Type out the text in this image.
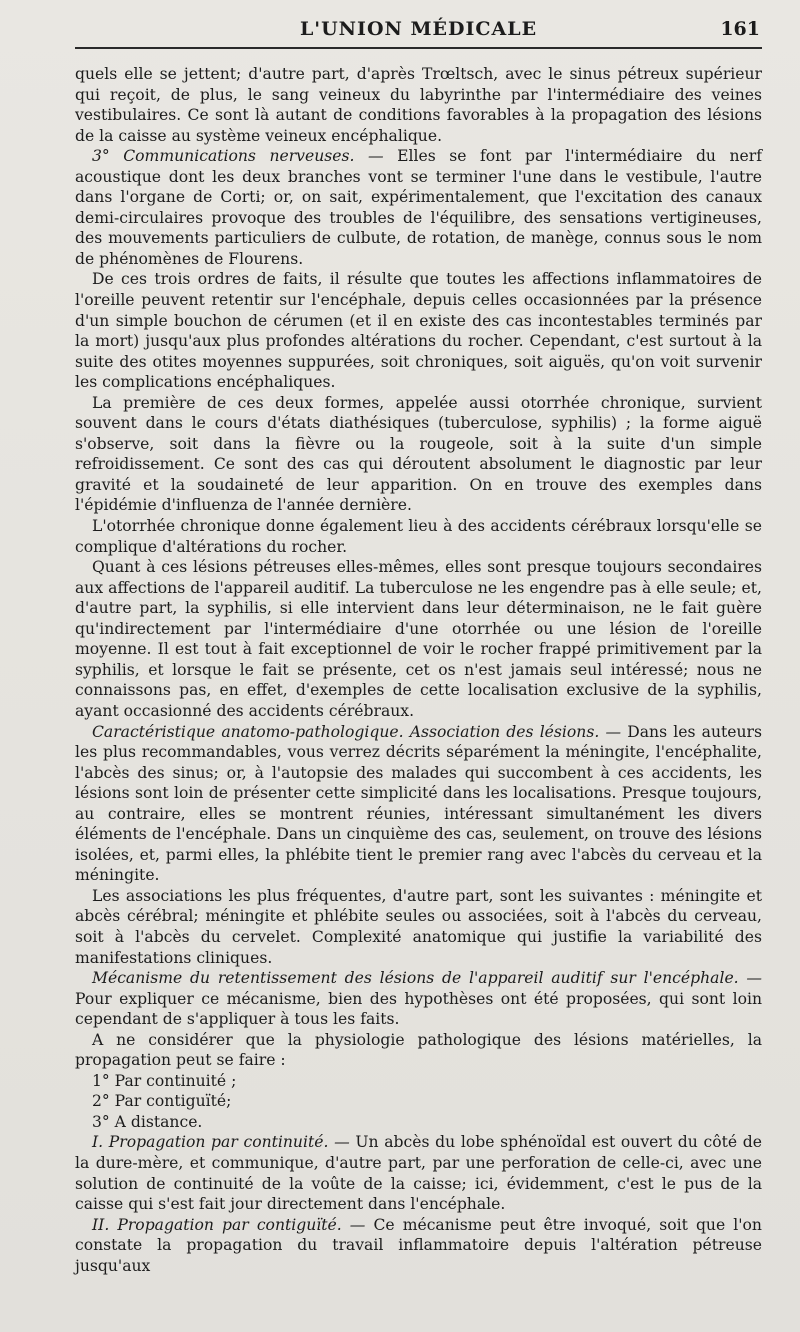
L'UNION MÉDICALE	161

quels elle se jettent; d'autre part, d'après Trœltsch, avec le sinus pétreux supérieur qui reçoit, de plus, le sang veineux du labyrinthe par l'intermédiaire des veines vestibulaires. Ce sont là autant de conditions favorables à la propagation des lésions de la caisse au système veineux encéphalique.

3° Communications nerveuses. — Elles se font par l'intermédiaire du nerf acoustique dont les deux branches vont se terminer l'une dans le vestibule, l'autre dans l'organe de Corti; or, on sait, expérimentalement, que l'excitation des canaux demi-circulaires provoque des troubles de l'équilibre, des sensations vertigineuses, des mouvements particuliers de culbute, de rotation, de manège, connus sous le nom de phénomènes de Flourens.

De ces trois ordres de faits, il résulte que toutes les affections inflammatoires de l'oreille peuvent retentir sur l'encéphale, depuis celles occasionnées par la présence d'un simple bouchon de cérumen (et il en existe des cas incontestables terminés par la mort) jusqu'aux plus profondes altérations du rocher. Cependant, c'est surtout à la suite des otites moyennes suppurées, soit chroniques, soit aiguës, qu'on voit survenir les complications encéphaliques.

La première de ces deux formes, appelée aussi otorrhée chronique, survient souvent dans le cours d'états diathésiques (tuberculose, syphilis) ; la forme aiguë s'observe, soit dans la fièvre ou la rougeole, soit à la suite d'un simple refroidissement. Ce sont des cas qui déroutent absolument le diagnostic par leur gravité et la soudaineté de leur apparition. On en trouve des exemples dans l'épidémie d'influenza de l'année dernière.

L'otorrhée chronique donne également lieu à des accidents cérébraux lorsqu'elle se complique d'altérations du rocher.

Quant à ces lésions pétreuses elles-mêmes, elles sont presque toujours secondaires aux affections de l'appareil auditif. La tuberculose ne les engendre pas à elle seule; et, d'autre part, la syphilis, si elle intervient dans leur déterminaison, ne le fait guère qu'indirectement par l'intermédiaire d'une otorrhée ou une lésion de l'oreille moyenne. Il est tout à fait exceptionnel de voir le rocher frappé primitivement par la syphilis, et lorsque le fait se présente, cet os n'est jamais seul intéressé; nous ne connaissons pas, en effet, d'exemples de cette localisation exclusive de la syphilis, ayant occasionné des accidents cérébraux.

Caractéristique anatomo-pathologique. Association des lésions. — Dans les auteurs les plus recommandables, vous verrez décrits séparément la méningite, l'encéphalite, l'abcès des sinus; or, à l'autopsie des malades qui succombent à ces accidents, les lésions sont loin de présenter cette simplicité dans les localisations. Presque toujours, au contraire, elles se montrent réunies, intéressant simultanément les divers éléments de l'encéphale. Dans un cinquième des cas, seulement, on trouve des lésions isolées, et, parmi elles, la phlébite tient le premier rang avec l'abcès du cerveau et la méningite.

Les associations les plus fréquentes, d'autre part, sont les suivantes : méningite et abcès cérébral; méningite et phlébite seules ou associées, soit à l'abcès du cerveau, soit à l'abcès du cervelet. Complexité anatomique qui justifie la variabilité des manifestations cliniques.

Mécanisme du retentissement des lésions de l'appareil auditif sur l'encéphale. — Pour expliquer ce mécanisme, bien des hypothèses ont été proposées, qui sont loin cependant de s'appliquer à tous les faits.

A ne considérer que la physiologie pathologique des lésions matérielles, la propagation peut se faire :

1° Par continuité ;

2° Par contiguïté;

3° A distance.

I. Propagation par continuité. — Un abcès du lobe sphénoïdal est ouvert du côté de la dure-mère, et communique, d'autre part, par une perforation de celle-ci, avec une solution de continuité de la voûte de la caisse; ici, évidemment, c'est le pus de la caisse qui s'est fait jour directement dans l'encéphale.

II. Propagation par contiguïté. — Ce mécanisme peut être invoqué, soit que l'on constate la propagation du travail inflammatoire depuis l'altération pétreuse jusqu'aux
